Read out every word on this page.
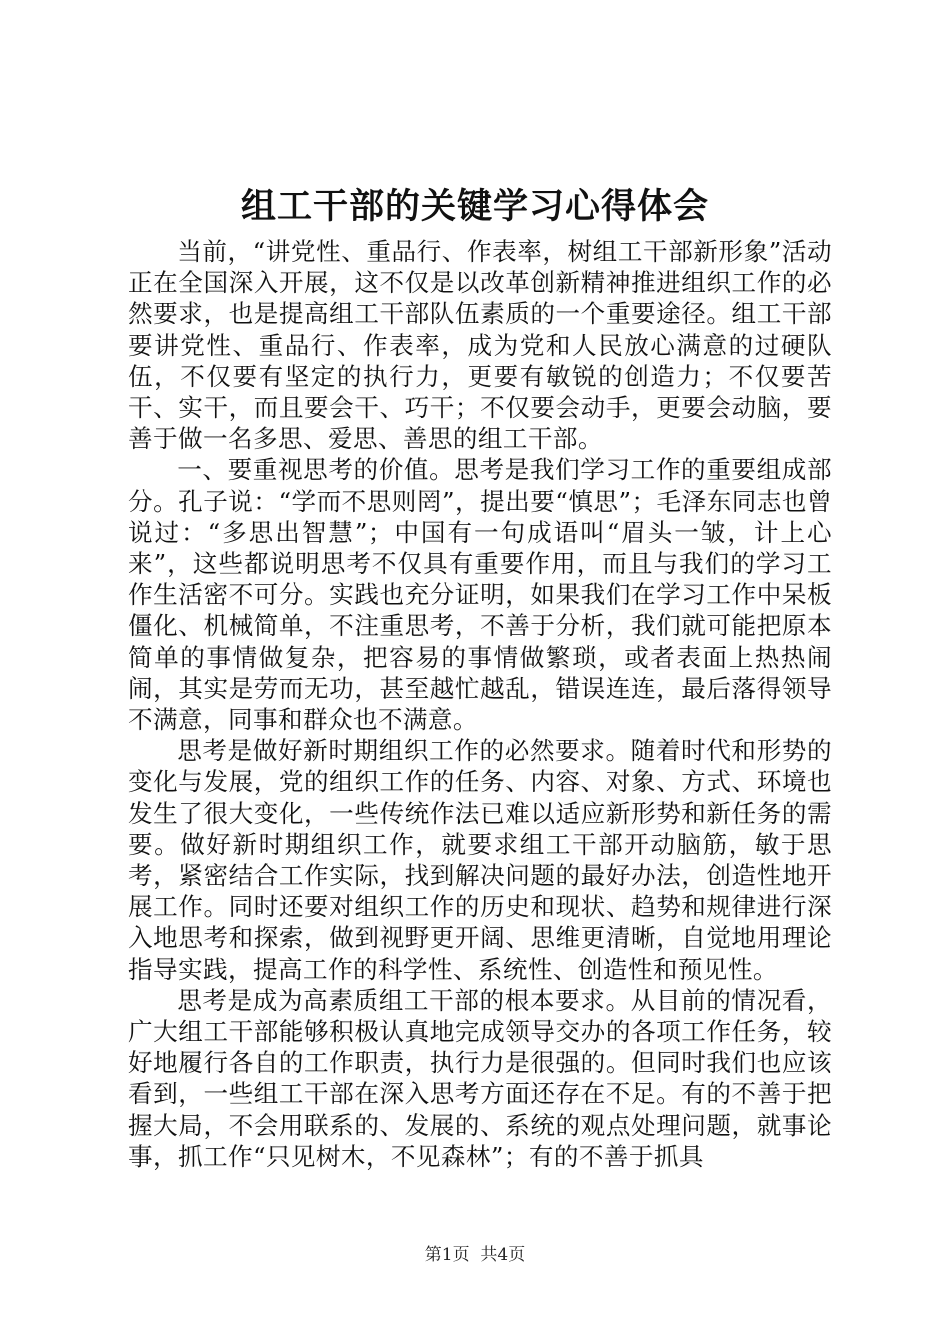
组工干部的关键学习心得体会

当前，“讲党性、重品行、作表率，树组工干部新形象”活动正在全国深入开展，这不仅是以改革创新精神推进组织工作的必然要求，也是提高组工干部队伍素质的一个重要途径。组工干部要讲党性、重品行、作表率，成为党和人民放心满意的过硬队伍，不仅要有坚定的执行力，更要有敏锐的创造力；不仅要苦干、实干，而且要会干、巧干；不仅要会动手，更要会动脑，要善于做一名多思、爱思、善思的组工干部。

一、要重视思考的价值。思考是我们学习工作的重要组成部分。孔子说：“学而不思则罔”，提出要“慎思”；毛泽东同志也曾说过：“多思出智慧”；中国有一句成语叫“眉头一皱，计上心来”，这些都说明思考不仅具有重要作用，而且与我们的学习工作生活密不可分。实践也充分证明，如果我们在学习工作中呆板僵化、机械简单，不注重思考，不善于分析，我们就可能把原本简单的事情做复杂，把容易的事情做繁琐，或者表面上热热闹闹，其实是劳而无功，甚至越忙越乱，错误连连，最后落得领导不满意，同事和群众也不满意。

思考是做好新时期组织工作的必然要求。随着时代和形势的变化与发展，党的组织工作的任务、内容、对象、方式、环境也发生了很大变化，一些传统作法已难以适应新形势和新任务的需要。做好新时期组织工作，就要求组工干部开动脑筋，敏于思考，紧密结合工作实际，找到解决问题的最好办法，创造性地开展工作。同时还要对组织工作的历史和现状、趋势和规律进行深入地思考和探索，做到视野更开阔、思维更清晰，自觉地用理论指导实践，提高工作的科学性、系统性、创造性和预见性。

思考是成为高素质组工干部的根本要求。从目前的情况看，广大组工干部能够积极认真地完成领导交办的各项工作任务，较好地履行各自的工作职责，执行力是很强的。但同时我们也应该看到，一些组工干部在深入思考方面还存在不足。有的不善于把握大局，不会用联系的、发展的、系统的观点处理问题，就事论事，抓工作“只见树木，不见森林”；有的不善于抓具

第1页 共4页
